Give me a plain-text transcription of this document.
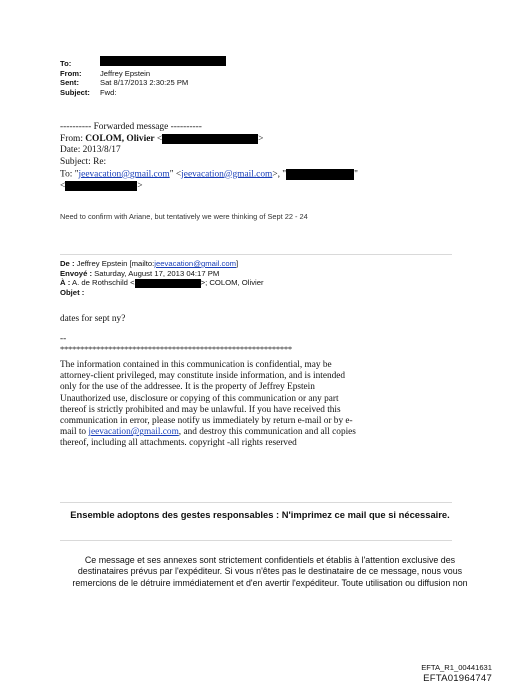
To:
From:	Jeffrey Epstein
Sent:	Sat 8/17/2013 2:30:25 PM
Subject:	Fwd:
---------- Forwarded message ----------
From: COLOM, Olivier <	>
Date: 2013/8/17
Subject: Re:
To: "jeevacation@gmail.com" <jeevacation@gmail.com>, "	"
<	>
Need to confirm with Ariane, but tentatively we were thinking of Sept 22 - 24
De : Jeffrey Epstein [mailto:jeevacation@gmail.com]
Envoyé : Saturday, August 17, 2013 04:17 PM
À : A. de Rothschild <	>; COLOM, Olivier
Objet :
dates for sept ny?
--
**********************************************************
The information contained in this communication is confidential, may be attorney-client privileged, may constitute inside information, and is intended only for the use of the addressee. It is the property of Jeffrey Epstein
Unauthorized use, disclosure or copying of this communication or any part thereof is strictly prohibited and may be unlawful. If you have received this communication in error, please notify us immediately by return e-mail or by e-mail to jeevacation@gmail.com, and destroy this communication and all copies thereof, including all attachments. copyright -all rights reserved
Ensemble adoptons des gestes responsables : N'imprimez ce mail que si nécessaire.
Ce message et ses annexes sont strictement confidentiels et établis à l'attention exclusive des destinataires prévus par l'expéditeur. Si vous n'êtes pas le destinataire de ce message, nous vous remercions de le détruire immédiatement et d'en avertir l'expéditeur. Toute utilisation ou diffusion non
EFTA_R1_00441631
EFTA01964747
